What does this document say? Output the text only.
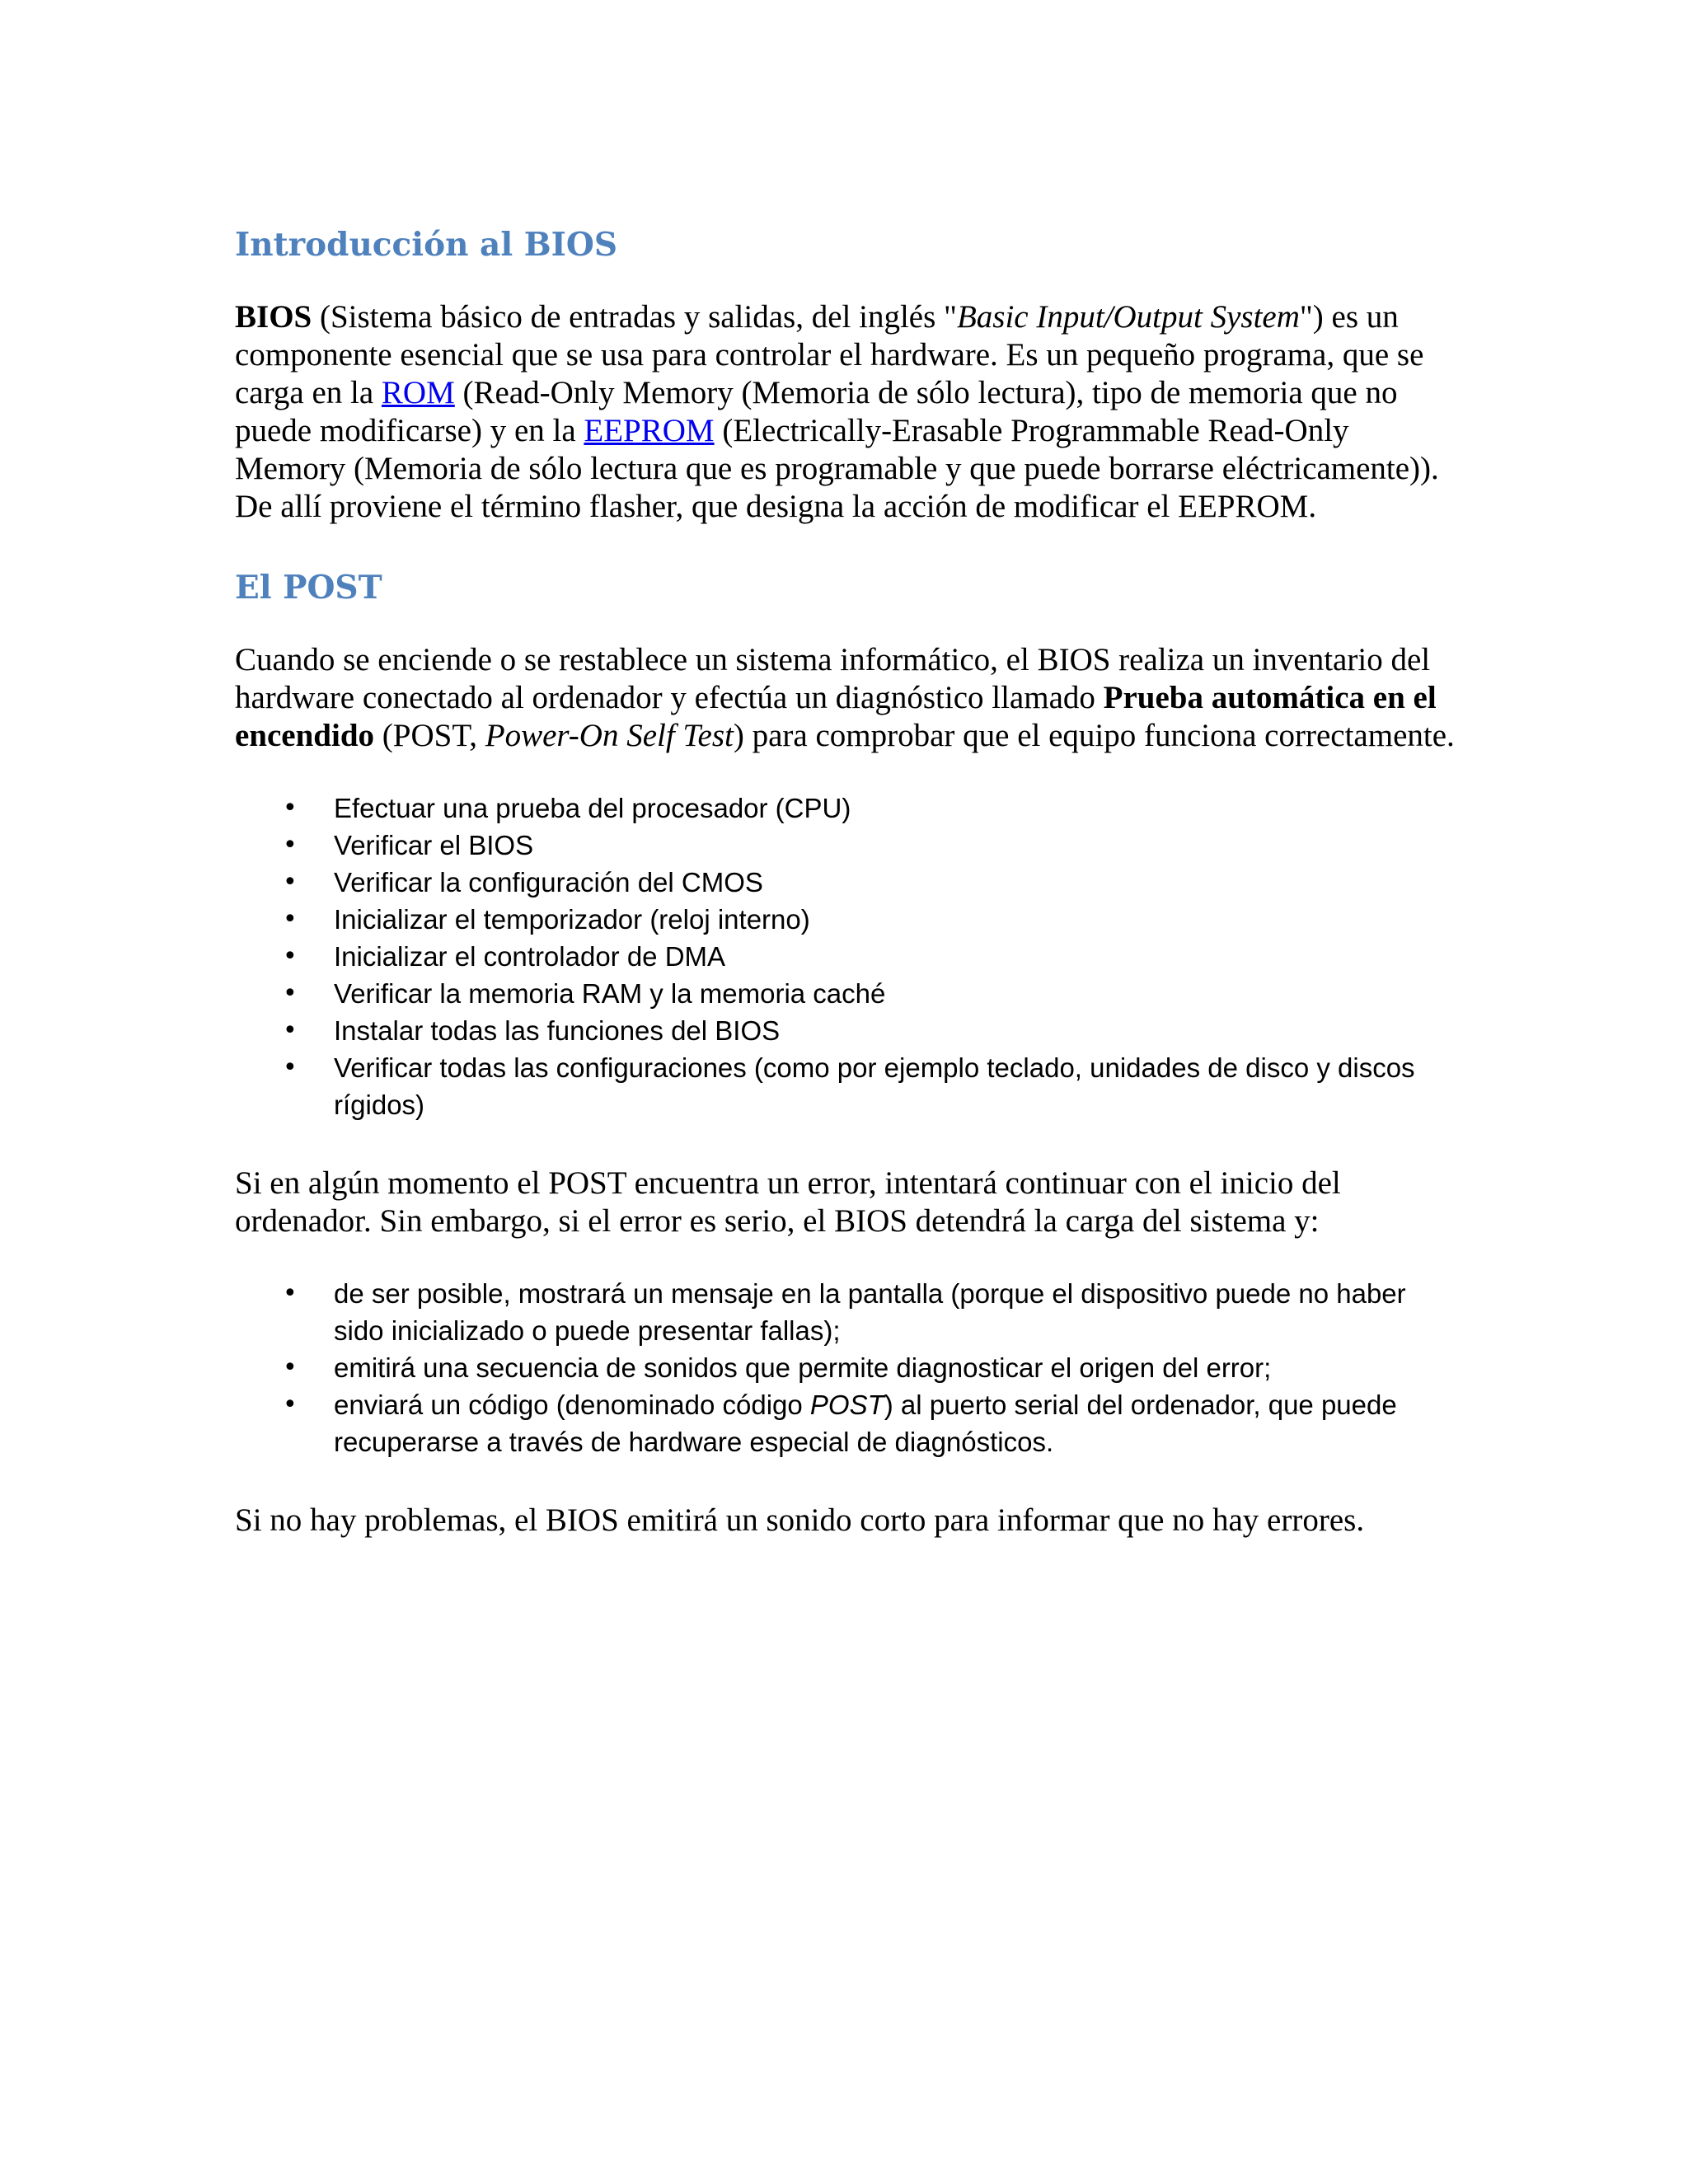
Introducción al BIOS

BIOS (Sistema básico de entradas y salidas, del inglés "Basic Input/Output System") es un componente esencial que se usa para controlar el hardware. Es un pequeño programa, que se carga en la ROM (Read-Only Memory (Memoria de sólo lectura), tipo de memoria que no puede modificarse) y en la EEPROM (Electrically-Erasable Programmable Read-Only Memory (Memoria de sólo lectura que es programable y que puede borrarse eléctricamente)). De allí proviene el término flasher, que designa la acción de modificar el EEPROM.

El POST

Cuando se enciende o se restablece un sistema informático, el BIOS realiza un inventario del hardware conectado al ordenador y efectúa un diagnóstico llamado Prueba automática en el encendido (POST, Power-On Self Test) para comprobar que el equipo funciona correctamente.

• Efectuar una prueba del procesador (CPU)
• Verificar el BIOS
• Verificar la configuración del CMOS
• Inicializar el temporizador (reloj interno)
• Inicializar el controlador de DMA
• Verificar la memoria RAM y la memoria caché
• Instalar todas las funciones del BIOS
• Verificar todas las configuraciones (como por ejemplo teclado, unidades de disco y discos rígidos)

Si en algún momento el POST encuentra un error, intentará continuar con el inicio del ordenador. Sin embargo, si el error es serio, el BIOS detendrá la carga del sistema y:

• de ser posible, mostrará un mensaje en la pantalla (porque el dispositivo puede no haber sido inicializado o puede presentar fallas);
• emitirá una secuencia de sonidos que permite diagnosticar el origen del error;
• enviará un código (denominado código POST) al puerto serial del ordenador, que puede recuperarse a través de hardware especial de diagnósticos.

Si no hay problemas, el BIOS emitirá un sonido corto para informar que no hay errores.
